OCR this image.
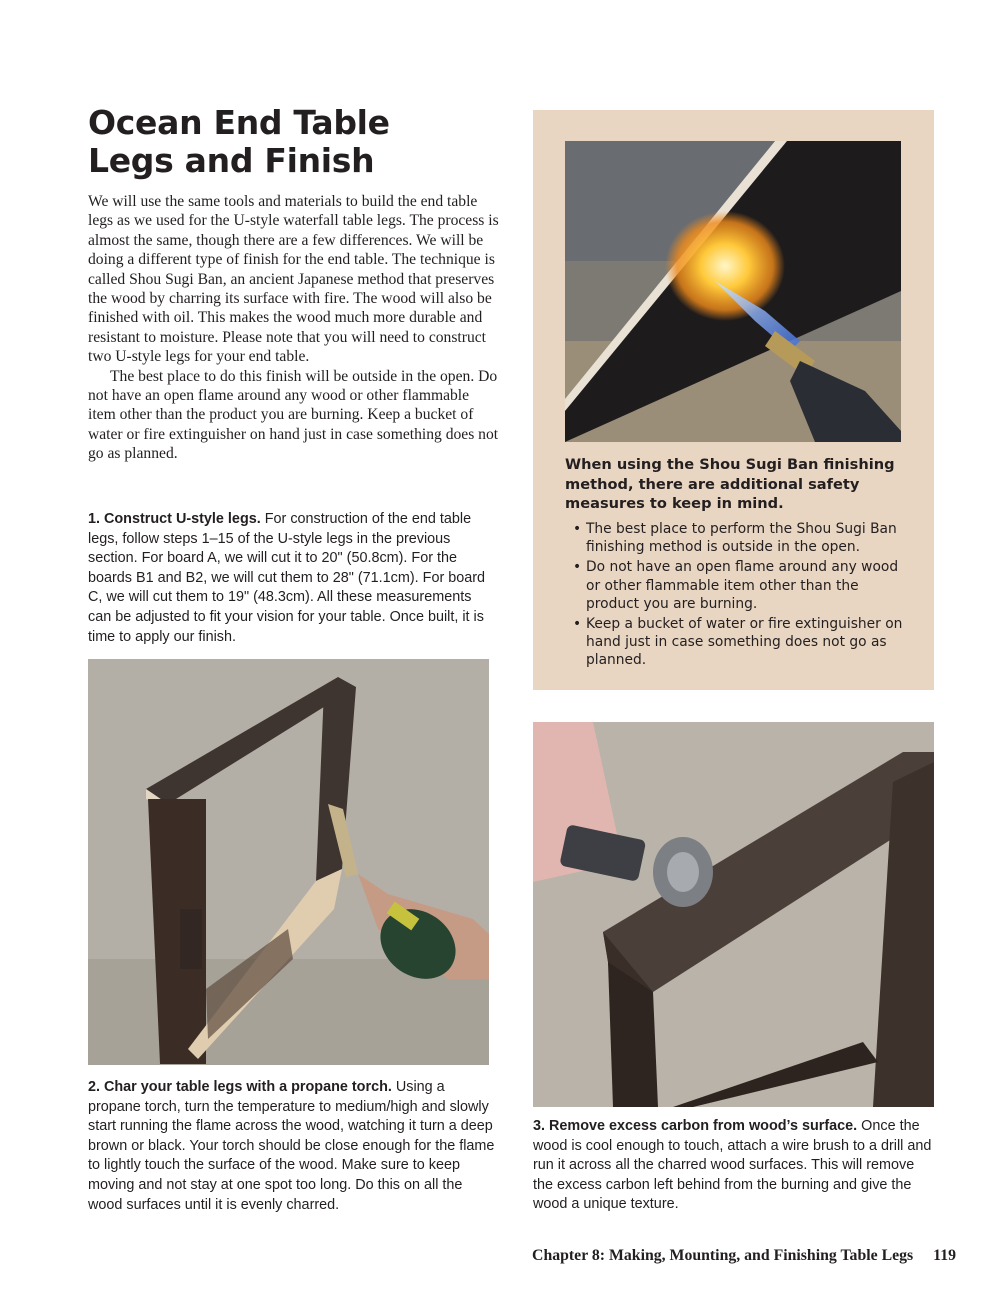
Ocean End Table
Legs and Finish

We will use the same tools and materials to build the end table legs as we used for the U-style waterfall table legs. The process is almost the same, though there are a few differences. We will be doing a different type of finish for the end table. The technique is called Shou Sugi Ban, an ancient Japanese method that preserves the wood by charring its surface with fire. The wood will also be finished with oil. This makes the wood much more durable and resistant to moisture. Please note that you will need to construct two U-style legs for your end table.

The best place to do this finish will be outside in the open. Do not have an open flame around any wood or other flammable item other than the product you are burning. Keep a bucket of water or fire extinguisher on hand just in case something does not go as planned.

1. Construct U-style legs. For construction of the end table legs, follow steps 1–15 of the U-style legs in the previous section. For board A, we will cut it to 20" (50.8cm). For the boards B1 and B2, we will cut them to 28" (71.1cm). For board C, we will cut them to 19" (48.3cm). All these measurements can be adjusted to fit your vision for your table. Once built, it is time to apply our finish.
When using the Shou Sugi Ban finishing method, there are additional safety measures to keep in mind.
• The best place to perform the Shou Sugi Ban finishing method is outside in the open.
• Do not have an open flame around any wood or other flammable item other than the product you are burning.
• Keep a bucket of water or fire extinguisher on hand just in case something does not go as planned.
2. Char your table legs with a propane torch. Using a propane torch, turn the temperature to medium/high and slowly start running the flame across the wood, watching it turn a deep brown or black. Your torch should be close enough for the flame to lightly touch the surface of the wood. Make sure to keep moving and not stay at one spot too long. Do this on all the wood surfaces until it is evenly charred.
3. Remove excess carbon from wood’s surface. Once the wood is cool enough to touch, attach a wire brush to a drill and run it across all the charred wood surfaces. This will remove the excess carbon left behind from the burning and give the wood a unique texture.
Chapter 8: Making, Mounting, and Finishing Table Legs 119
